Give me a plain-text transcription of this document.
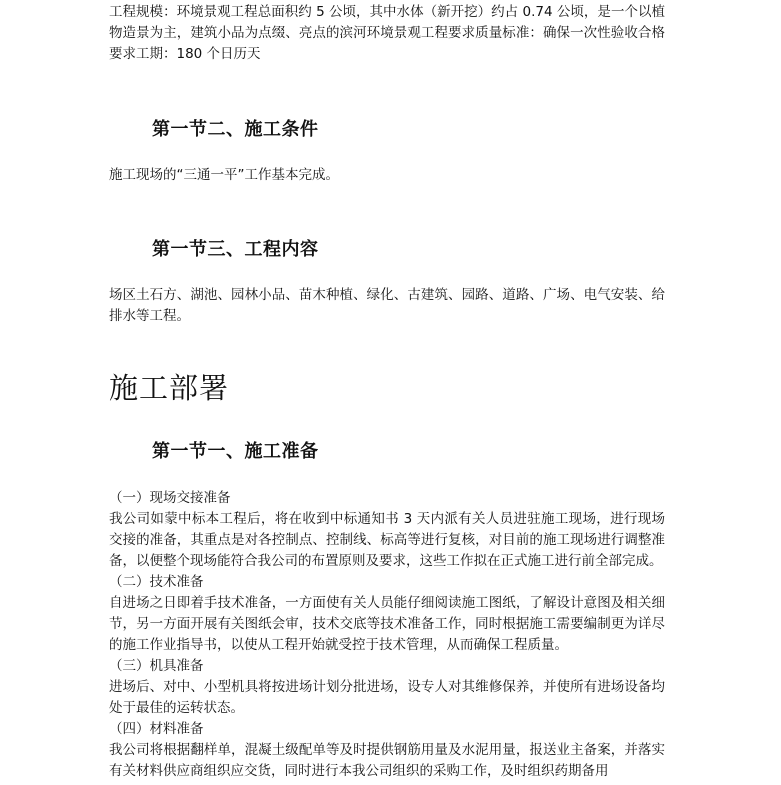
工程规模：环境景观工程总面积约 5 公顷，其中水体（新开挖）约占 0.74 公顷，是一个以植物造景为主，建筑小品为点缀、亮点的滨河环境景观工程要求质量标准：确保一次性验收合格要求工期：180 个日历天

第一节二、施工条件

施工现场的“三通一平”工作基本完成。

第一节三、工程内容

场区土石方、湖池、园林小品、苗木种植、绿化、古建筑、园路、道路、广场、电气安装、给排水等工程。

施工部署
第一节一、施工准备

（一）现场交接准备

我公司如蒙中标本工程后，将在收到中标通知书 3 天内派有关人员进驻施工现场，进行现场交接的准备，其重点是对各控制点、控制线、标高等进行复核，对目前的施工现场进行调整准备，以便整个现场能符合我公司的布置原则及要求，这些工作拟在正式施工进行前全部完成。

（二）技术准备

自进场之日即着手技术准备，一方面使有关人员能仔细阅读施工图纸，了解设计意图及相关细节，另一方面开展有关图纸会审，技术交底等技术准备工作，同时根据施工需要编制更为详尽的施工作业指导书，以使从工程开始就受控于技术管理，从而确保工程质量。

（三）机具准备

进场后、对中、小型机具将按进场计划分批进场，设专人对其维修保养，并使所有进场设备均处于最佳的运转状态。

（四）材料准备

我公司将根据翻样单，混凝土级配单等及时提供钢筋用量及水泥用量，报送业主备案，并落实有关材料供应商组织应交货，同时进行本我公司组织的采购工作，及时组织药期备用
